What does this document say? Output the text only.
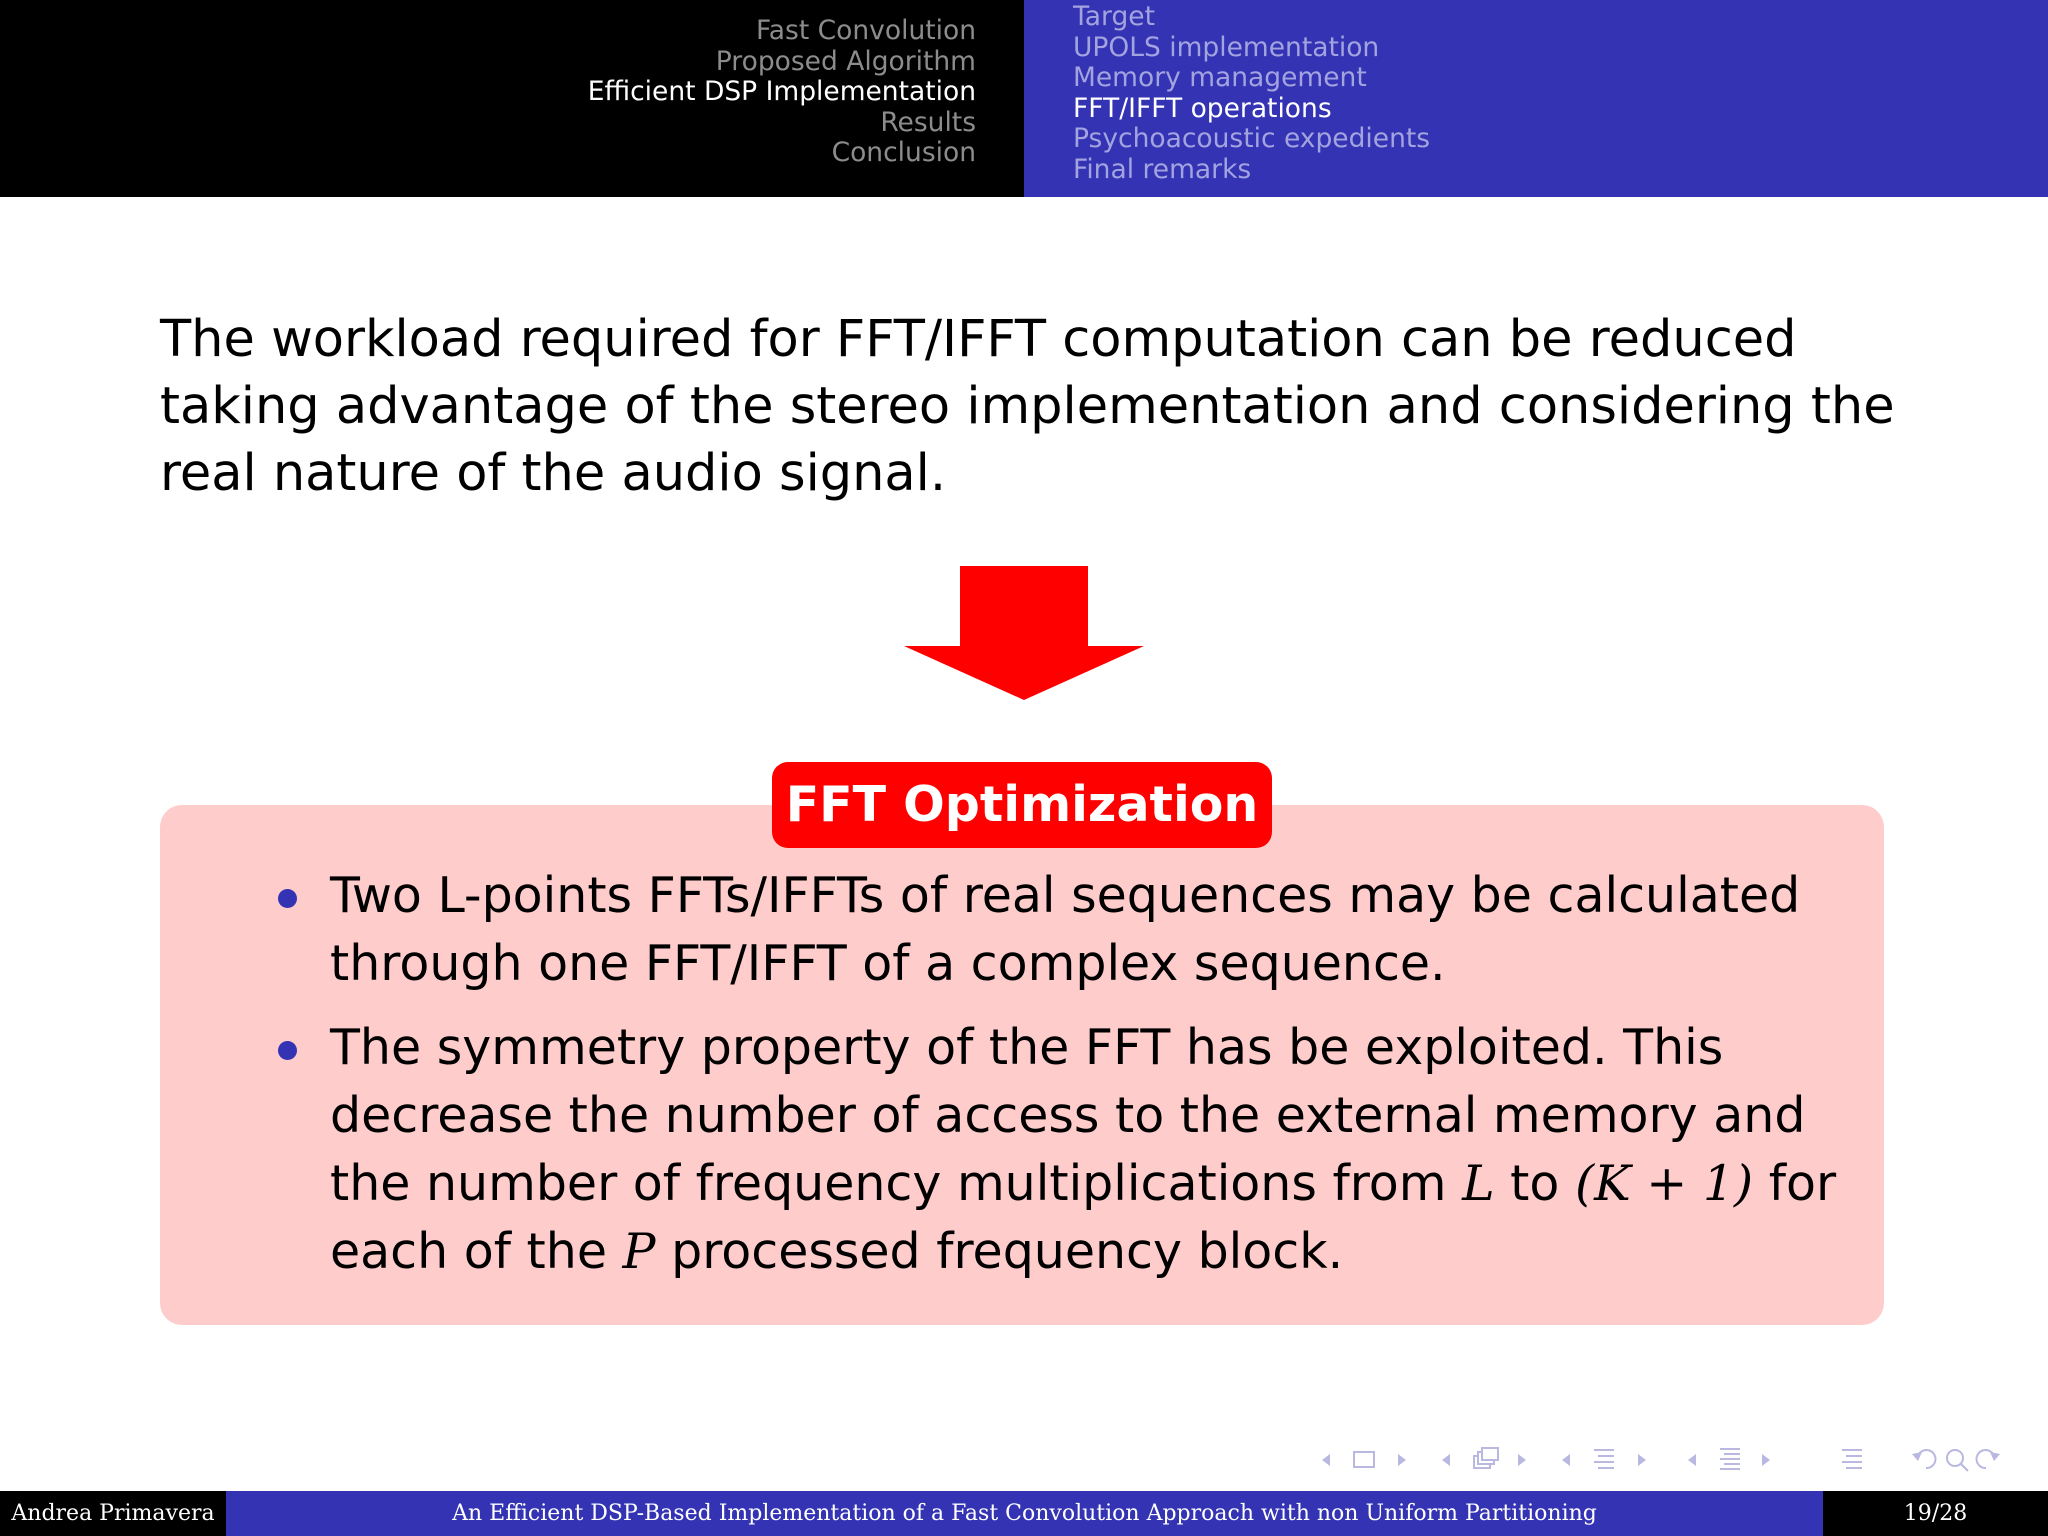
Fast Convolution
Proposed Algorithm
Efficient DSP Implementation
Results
Conclusion
Target
UPOLS implementation
Memory management
FFT/IFFT operations
Psychoacoustic expedients
Final remarks

The workload required for FFT/IFFT computation can be reduced taking advantage of the stereo implementation and considering the real nature of the audio signal.

FFT Optimization
Two L-points FFTs/IFFTs of real sequences may be calculated through one FFT/IFFT of a complex sequence.
The symmetry property of the FFT has be exploited. This decrease the number of access to the external memory and the number of frequency multiplications from L to (K + 1) for each of the P processed frequency block.
Andrea Primavera	An Efficient DSP-Based Implementation of a Fast Convolution Approach with non Uniform Partitioning	19/28
